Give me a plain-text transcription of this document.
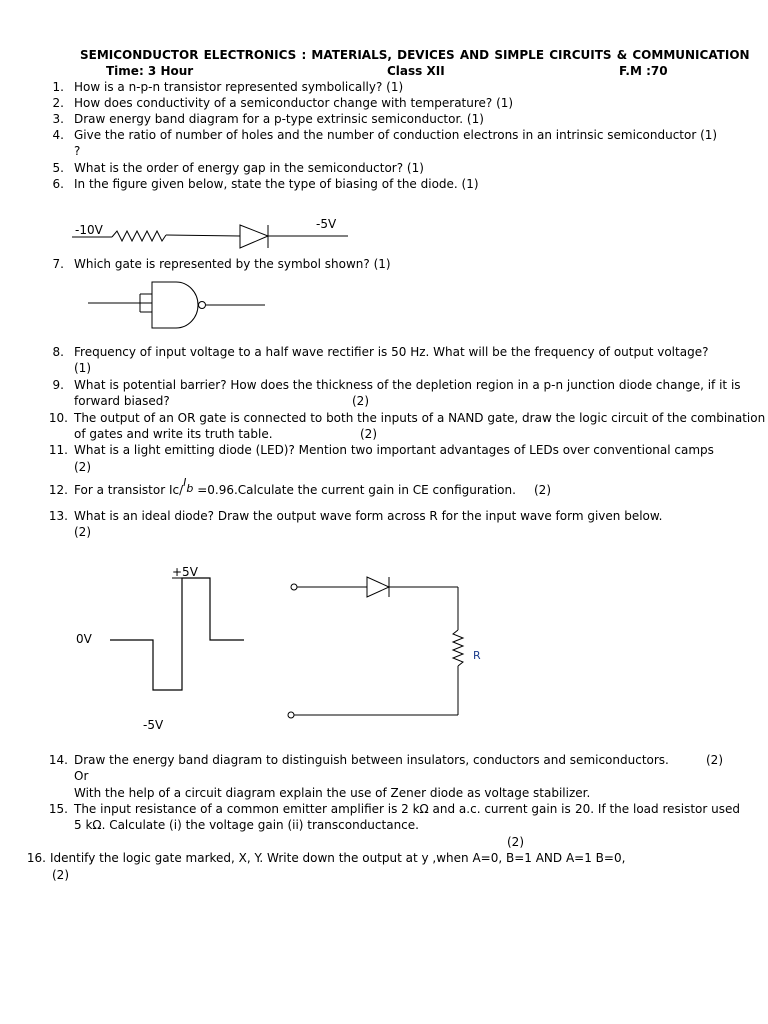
SEMICONDUCTOR ELECTRONICS : MATERIALS, DEVICES AND SIMPLE CIRCUITS & COMMUNICATION
Time: 3 Hour	Class XII	F.M :70
1. How is a n-p-n transistor represented symbolically? (1)
2. How does conductivity of a semiconductor change with temperature? (1)
3. Draw energy band diagram for a p-type extrinsic semiconductor. (1)
4. Give the ratio of number of holes and the number of conduction electrons in an intrinsic semiconductor (1)
?
5. What is the order of energy gap in the semiconductor? (1)
6. In the figure given below, state the type of biasing of the diode. (1)
-10V	-5V
7. Which gate is represented by the symbol shown? (1)
8. Frequency of input voltage to a half wave rectifier is 50 Hz. What will be the frequency of output voltage?
(1)
9. What is potential barrier? How does the thickness of the depletion region in a p-n junction diode change, if it is
forward biased?	(2)
10. The output of an OR gate is connected to both the inputs of a NAND gate, draw the logic circuit of the combination
of gates and write its truth table.	(2)
11. What is a light emitting diode (LED)? Mention two important advantages of LEDs over conventional camps
(2)
12. For a transistor Ic/Ib =0.96.Calculate the current gain in CE configuration. (2)
13. What is an ideal diode? Draw the output wave form across R for the input wave form given below.
(2)
+5V
0V
-5V
R
14. Draw the energy band diagram to distinguish between insulators, conductors and semiconductors.	(2)
Or
With the help of a circuit diagram explain the use of Zener diode as voltage stabilizer.
15. The input resistance of a common emitter amplifier is 2 kΩ and a.c. current gain is 20. If the load resistor used
5 kΩ. Calculate (i) the voltage gain (ii) transconductance.
(2)
16. Identify the logic gate marked, X, Y. Write down the output at y ,when A=0, B=1 AND A=1 B=0,
(2)
